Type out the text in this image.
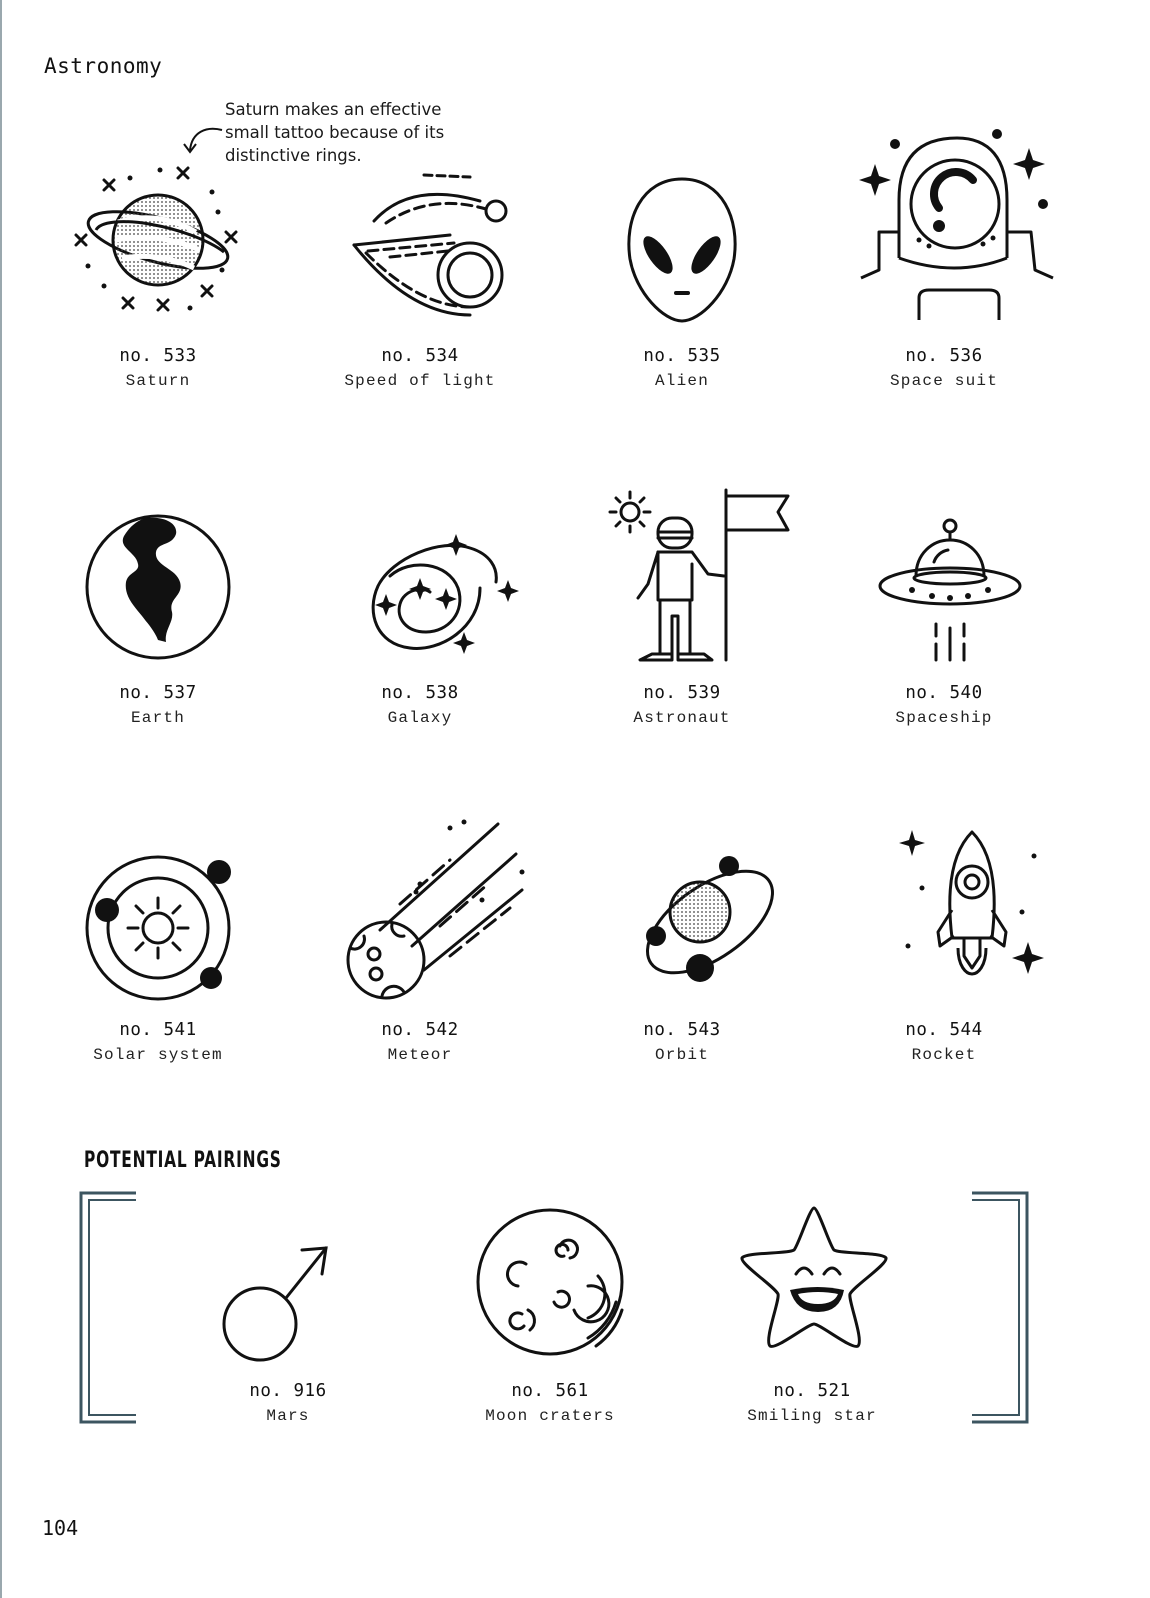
Astronomy
Saturn makes an effective small tattoo because of its distinctive rings.
no. 533
Saturn
no. 534
Speed of light
no. 535
Alien
no. 536
Space suit
no. 537
Earth
no. 538
Galaxy
no. 539
Astronaut
no. 540
Spaceship
no. 541
Solar system
no. 542
Meteor
no. 543
Orbit
no. 544
Rocket
POTENTIAL PAIRINGS
no. 916
Mars
no. 561
Moon craters
no. 521
Smiling star
104
